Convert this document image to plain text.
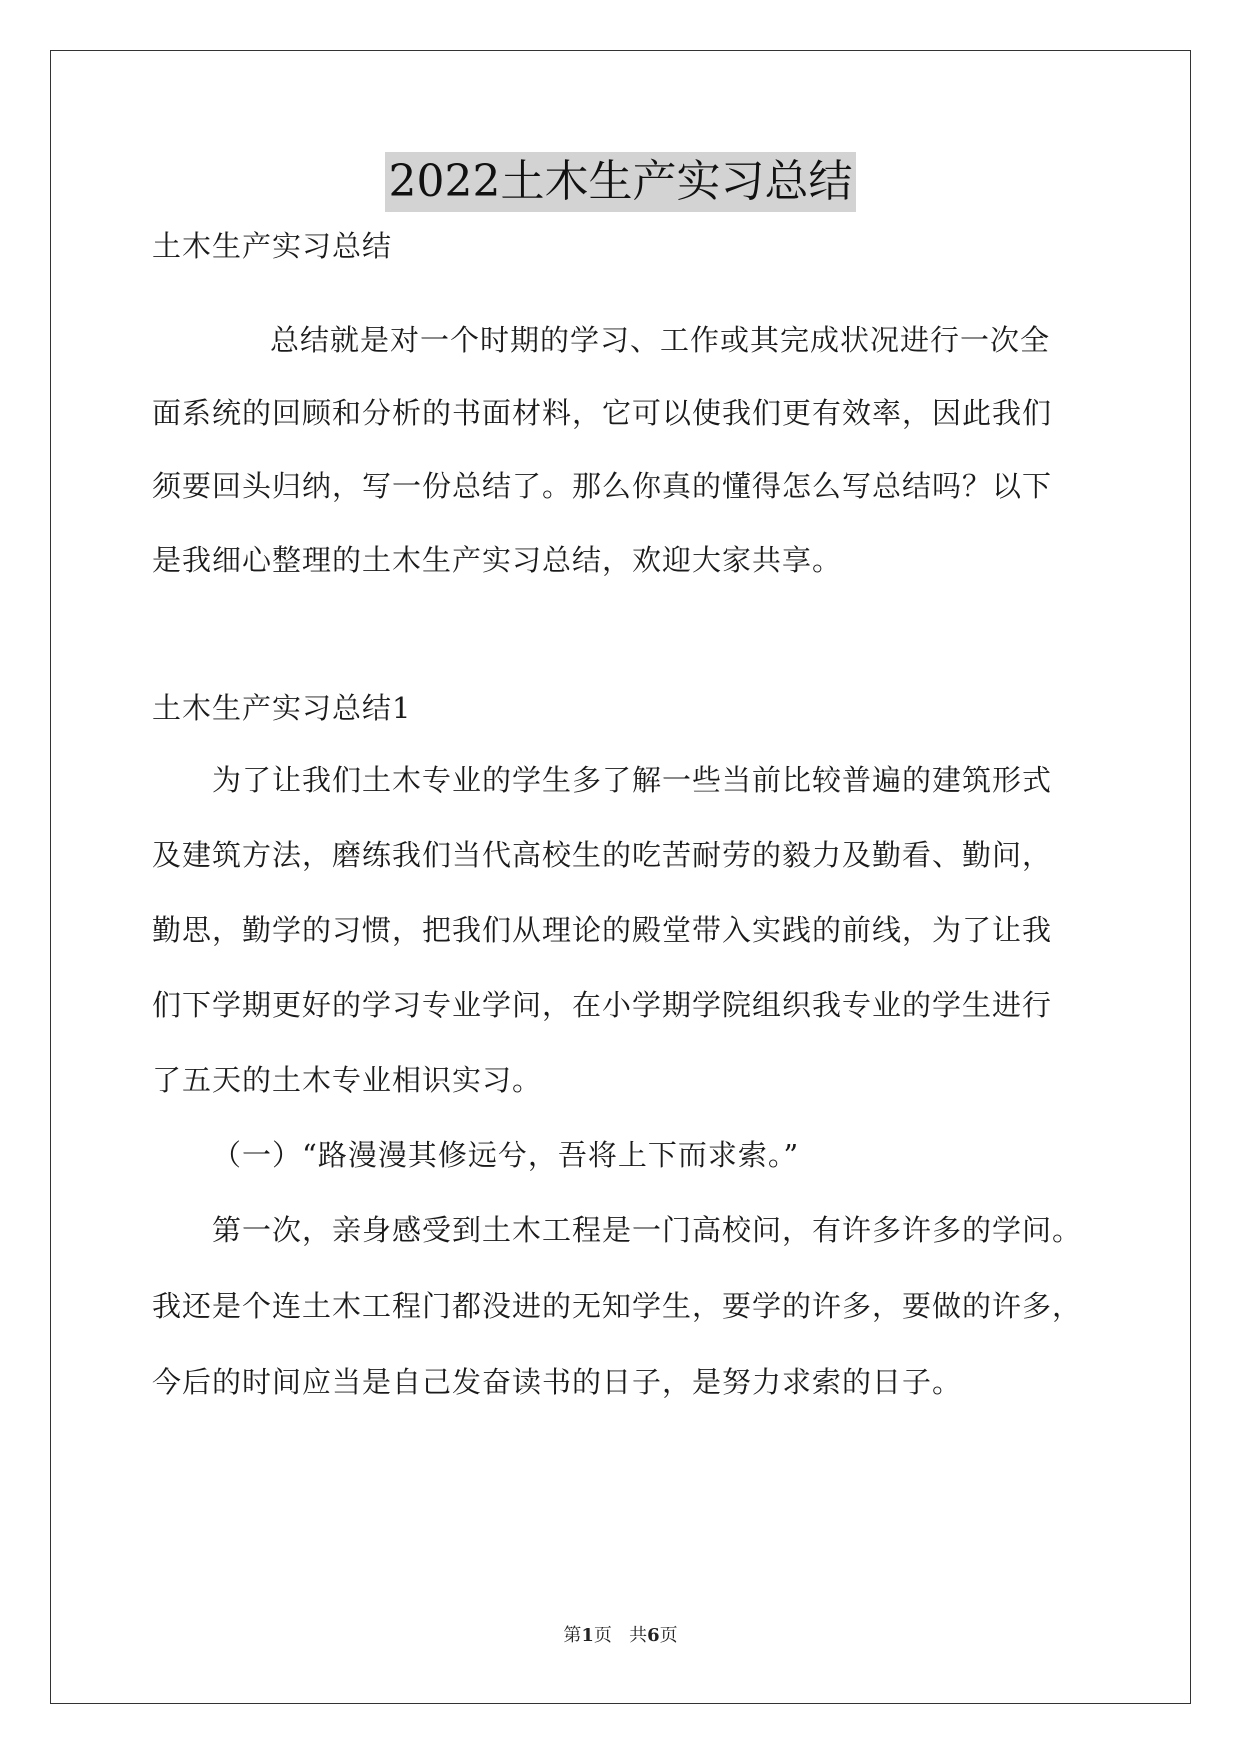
2022土木生产实习总结
土木生产实习总结
总结就是对一个时期的学习、工作或其完成状况进行一次全
面系统的回顾和分析的书面材料，它可以使我们更有效率，因此我们
须要回头归纳，写一份总结了。那么你真的懂得怎么写总结吗？以下
是我细心整理的土木生产实习总结，欢迎大家共享。
土木生产实习总结1
为了让我们土木专业的学生多了解一些当前比较普遍的建筑形式
及建筑方法，磨练我们当代高校生的吃苦耐劳的毅力及勤看、勤问，
勤思，勤学的习惯，把我们从理论的殿堂带入实践的前线，为了让我
们下学期更好的学习专业学问，在小学期学院组织我专业的学生进行
了五天的土木专业相识实习。
（一）“路漫漫其修远兮，吾将上下而求索。”
第一次，亲身感受到土木工程是一门高校问，有许多许多的学问。
我还是个连土木工程门都没进的无知学生，要学的许多，要做的许多，
今后的时间应当是自己发奋读书的日子，是努力求索的日子。
第1页 共6页
